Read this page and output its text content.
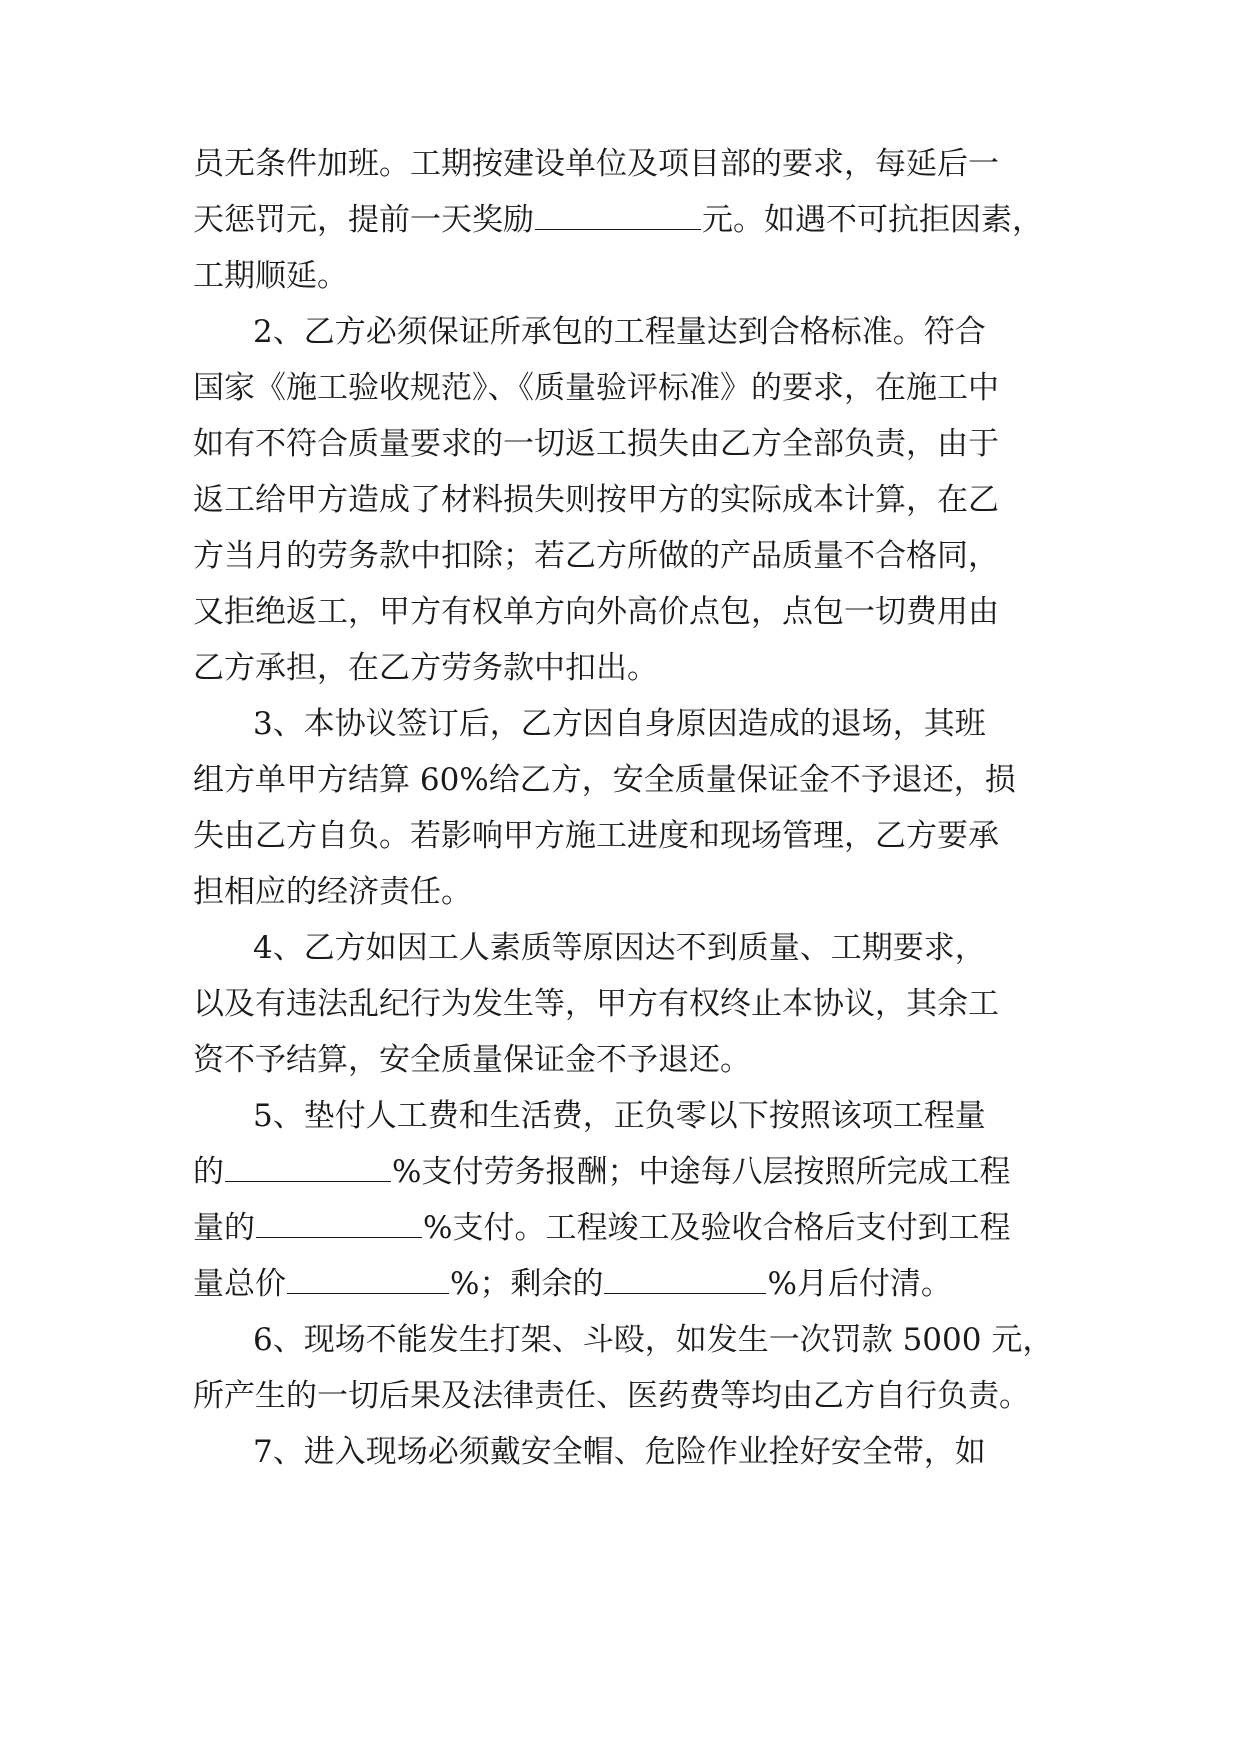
员无条件加班。工期按建设单位及项目部的要求，每延后一
天惩罚元，提前一天奖励	元。如遇不可抗拒因素，
工期顺延。
2、乙方必须保证所承包的工程量达到合格标准。符合
国家《施工验收规范》、《质量验评标准》的要求，在施工中
如有不符合质量要求的一切返工损失由乙方全部负责，由于
返工给甲方造成了材料损失则按甲方的实际成本计算，在乙
方当月的劳务款中扣除；若乙方所做的产品质量不合格同，
又拒绝返工，甲方有权单方向外高价点包，点包一切费用由
乙方承担，在乙方劳务款中扣出。
3、本协议签订后，乙方因自身原因造成的退场，其班
组方单甲方结算 60%给乙方，安全质量保证金不予退还，损
失由乙方自负。若影响甲方施工进度和现场管理，乙方要承
担相应的经济责任。
4、乙方如因工人素质等原因达不到质量、工期要求，
以及有违法乱纪行为发生等，甲方有权终止本协议，其余工
资不予结算，安全质量保证金不予退还。
5、垫付人工费和生活费，正负零以下按照该项工程量
的	%支付劳务报酬；中途每八层按照所完成工程
量的	%支付。工程竣工及验收合格后支付到工程
量总价	%；剩余的	%月后付清。
6、现场不能发生打架、斗殴，如发生一次罚款 5000 元，
所产生的一切后果及法律责任、医药费等均由乙方自行负责。
7、进入现场必须戴安全帽、危险作业拴好安全带，如
